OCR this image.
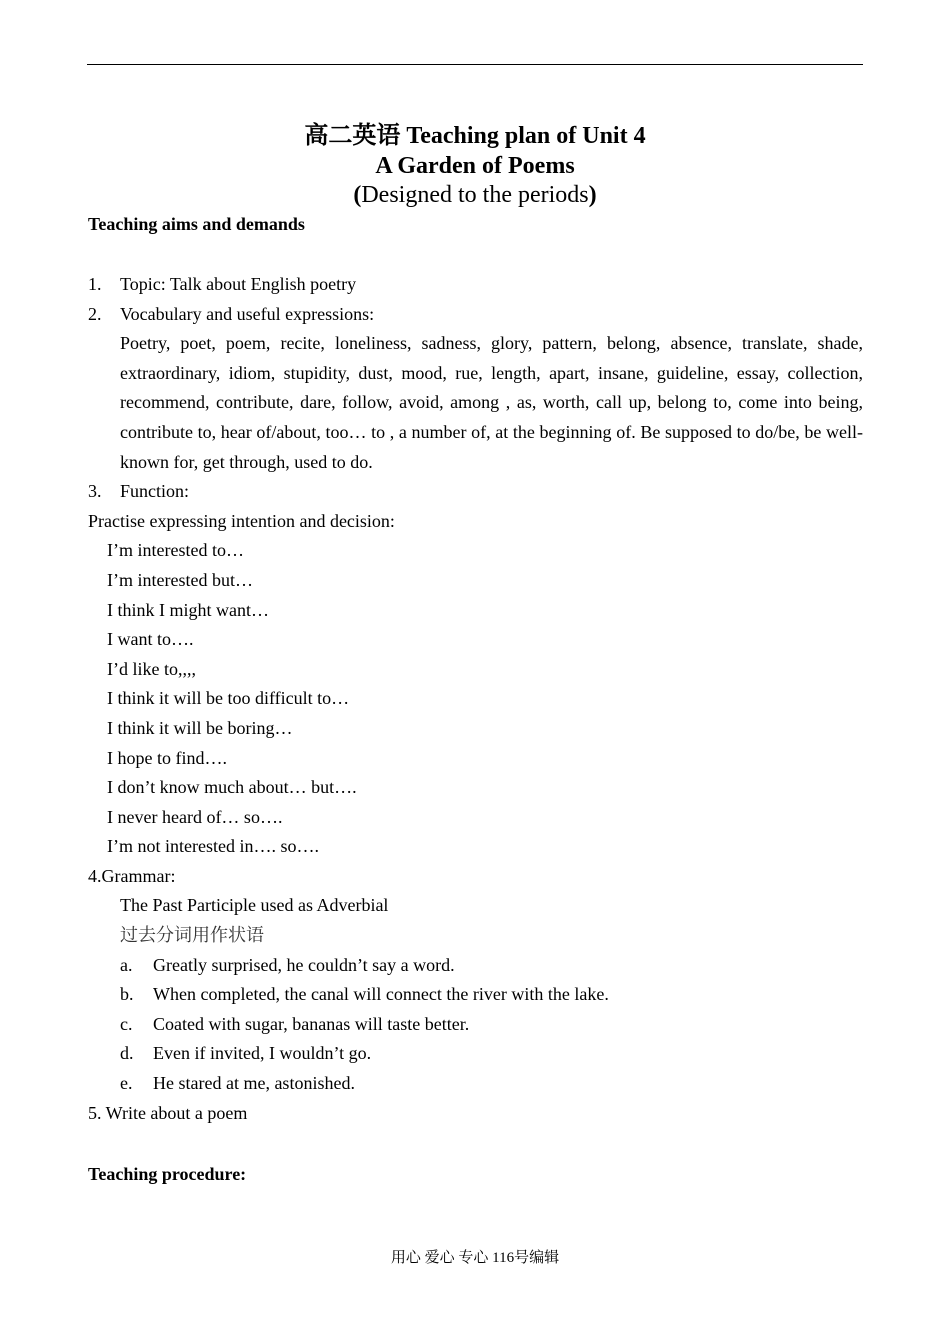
高二英语 Teaching plan of Unit 4
A Garden of Poems
(Designed to the periods)
Teaching aims and demands
1. Topic: Talk about English poetry
2. Vocabulary and useful expressions:
Poetry, poet, poem, recite, loneliness, sadness, glory, pattern, belong, absence, translate, shade, extraordinary, idiom, stupidity, dust, mood, rue, length, apart, insane, guideline, essay, collection, recommend, contribute, dare, follow, avoid, among , as, worth, call up, belong to, come into being, contribute to, hear of/about, too… to , a number of, at the beginning of. Be supposed to do/be, be well-known for, get through, used to do.
3. Function:
Practise expressing intention and decision:
I’m interested to…
I’m interested but…
I think I might want…
I want to….
I’d like to,,,,
I think it will be too difficult to…
I think it will be boring…
I hope to find….
I don’t know much about… but….
I never heard of… so….
I’m not interested in…. so….
4.Grammar:
The Past Participle used as Adverbial
过去分词用作状语
a. Greatly surprised, he couldn’t say a word.
b. When completed, the canal will connect the river with the lake.
c. Coated with sugar, bananas will taste better.
d. Even if invited, I wouldn’t go.
e. He stared at me, astonished.
5. Write about a poem
Teaching procedure:
用心 爱心 专心 116号编辑
